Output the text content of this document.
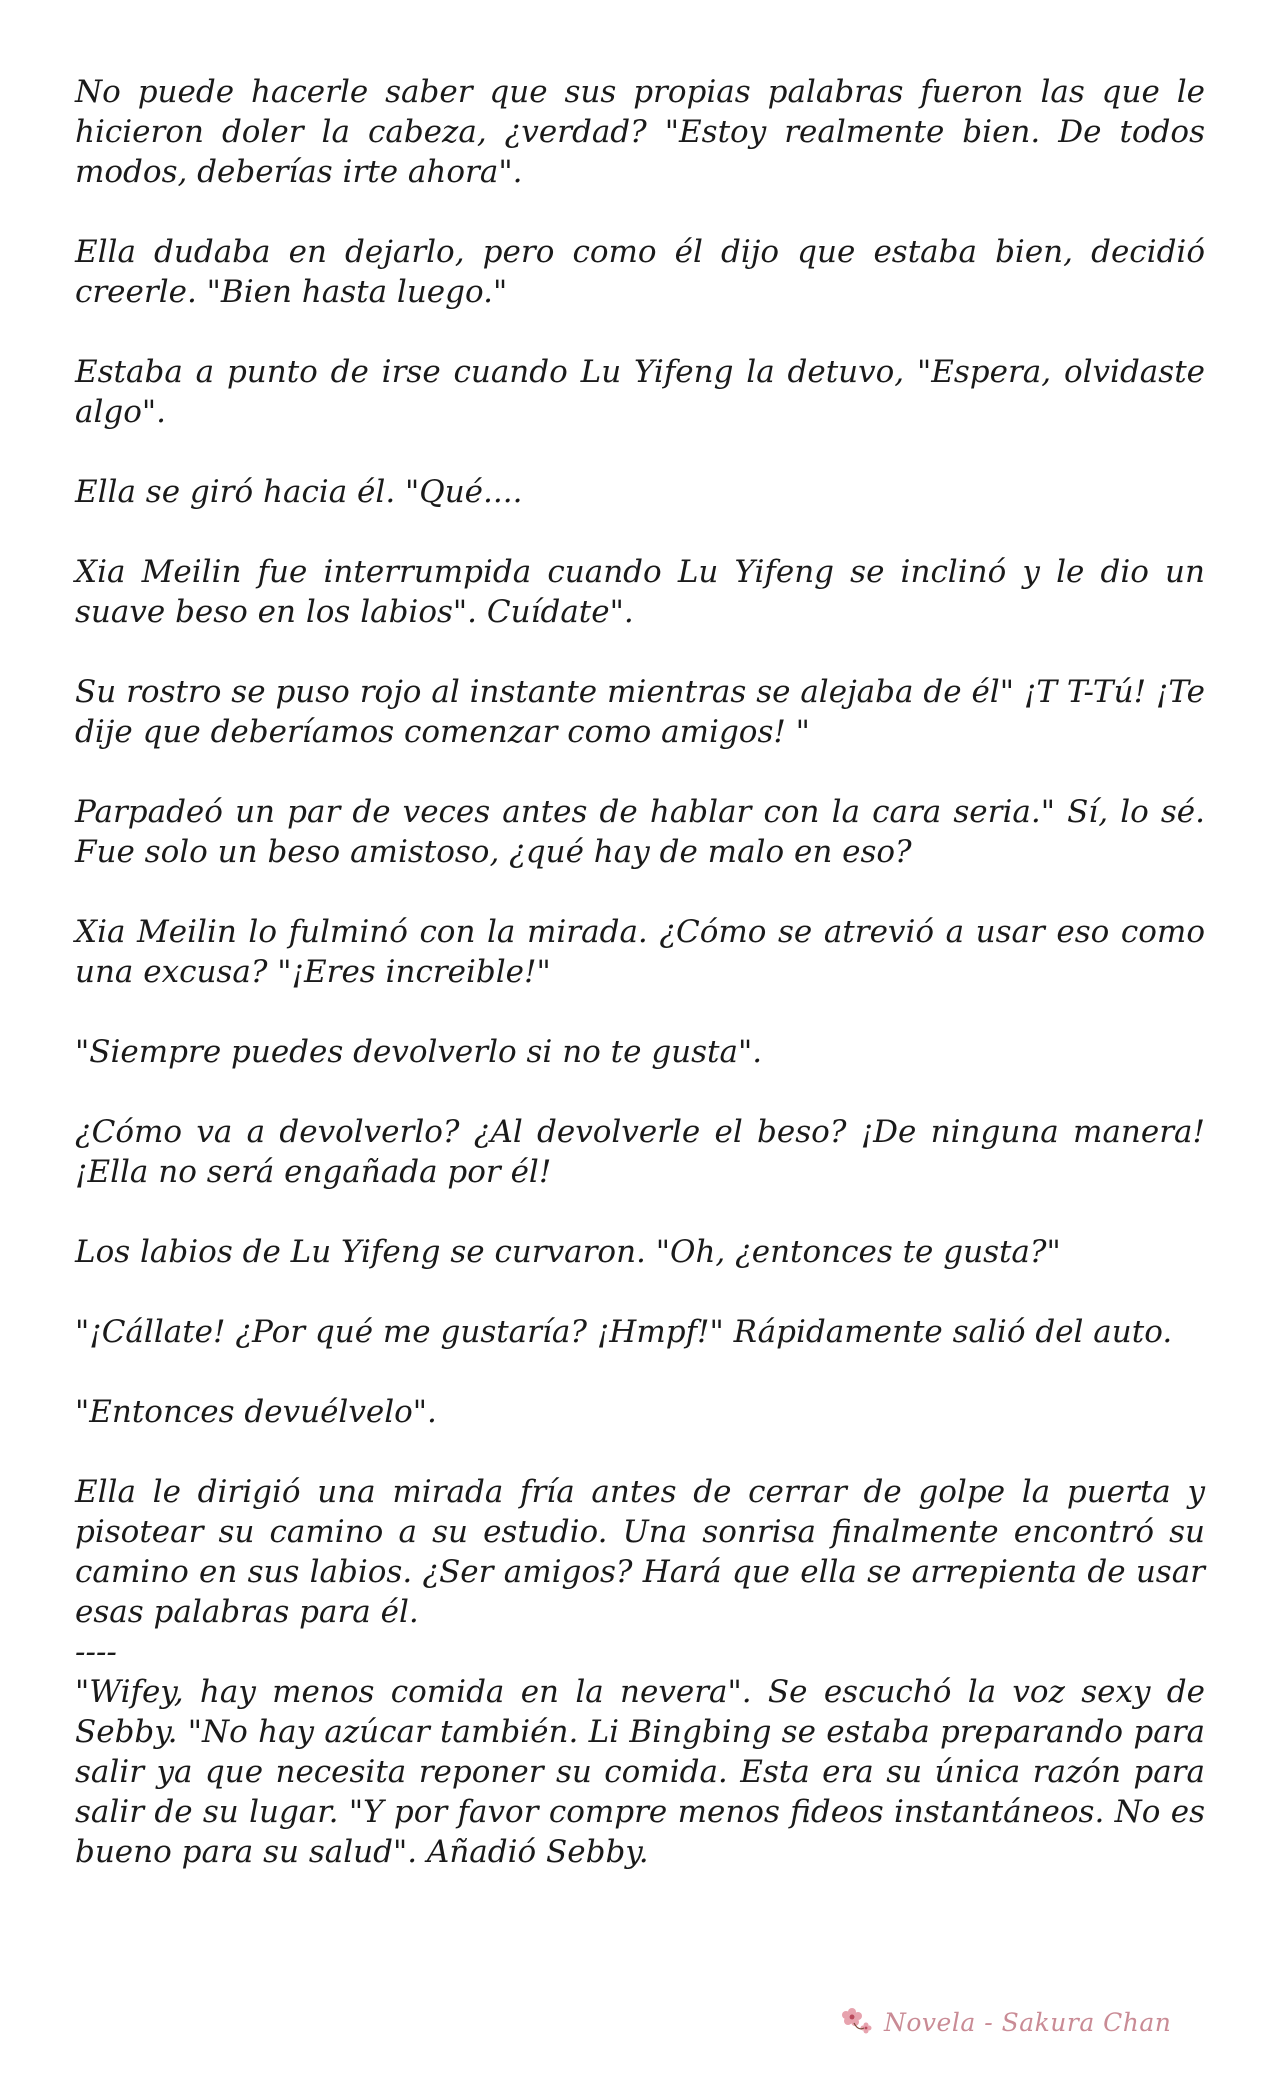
No puede hacerle saber que sus propias palabras fueron las que le hicieron doler la cabeza, ¿verdad? "Estoy realmente bien. De todos modos, deberías irte ahora".

Ella dudaba en dejarlo, pero como él dijo que estaba bien, decidió creerle. "Bien hasta luego."

Estaba a punto de irse cuando Lu Yifeng la detuvo, "Espera, olvidaste algo".

Ella se giró hacia él. "Qué....

Xia Meilin fue interrumpida cuando Lu Yifeng se inclinó y le dio un suave beso en los labios". Cuídate".

Su rostro se puso rojo al instante mientras se alejaba de él" ¡T T-Tú! ¡Te dije que deberíamos comenzar como amigos! "

Parpadeó un par de veces antes de hablar con la cara seria." Sí, lo sé. Fue solo un beso amistoso, ¿qué hay de malo en eso?

Xia Meilin lo fulminó con la mirada. ¿Cómo se atrevió a usar eso como una excusa? "¡Eres increible!"

"Siempre puedes devolverlo si no te gusta".

¿Cómo va a devolverlo? ¿Al devolverle el beso? ¡De ninguna manera! ¡Ella no será engañada por él!

Los labios de Lu Yifeng se curvaron. "Oh, ¿entonces te gusta?"

"¡Cállate! ¿Por qué me gustaría? ¡Hmpf!" Rápidamente salió del auto.

"Entonces devuélvelo".

Ella le dirigió una mirada fría antes de cerrar de golpe la puerta y pisotear su camino a su estudio. Una sonrisa finalmente encontró su camino en sus labios. ¿Ser amigos? Hará que ella se arrepienta de usar esas palabras para él.

----

"Wifey, hay menos comida en la nevera". Se escuchó la voz sexy de Sebby. "No hay azúcar también. Li Bingbing se estaba preparando para salir ya que necesita reponer su comida. Esta era su única razón para salir de su lugar. "Y por favor compre menos fideos instantáneos. No es bueno para su salud". Añadió Sebby.

Novela - Sakura Chan
